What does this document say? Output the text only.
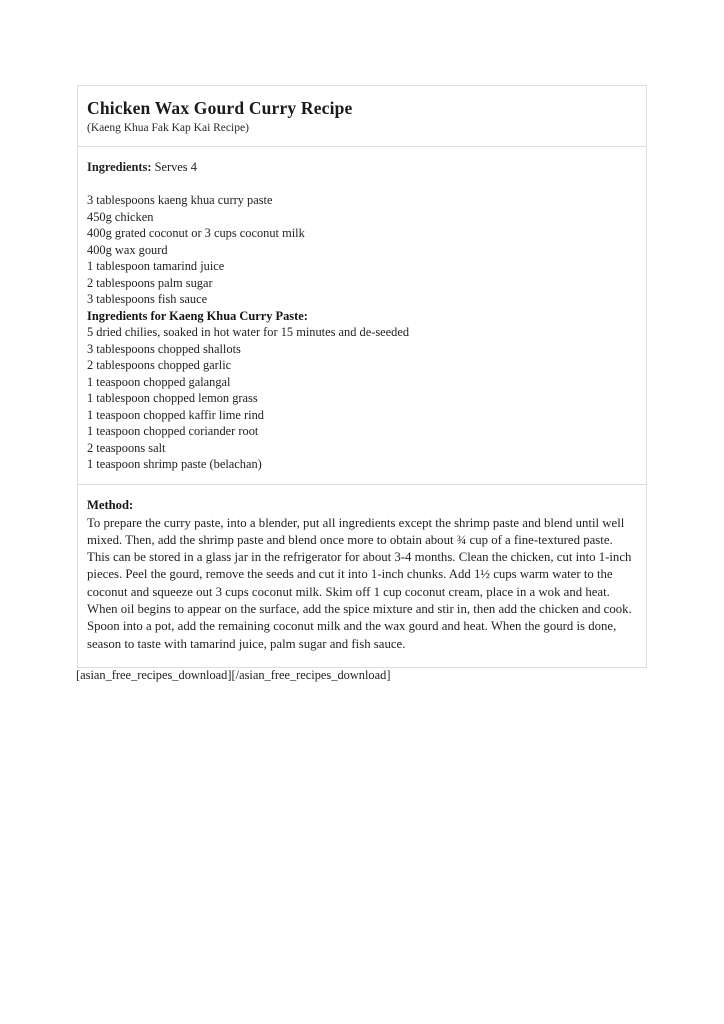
Chicken Wax Gourd Curry Recipe
(Kaeng Khua Fak Kap Kai Recipe)

Ingredients: Serves 4

3 tablespoons kaeng khua curry paste
450g chicken
400g grated coconut or 3 cups coconut milk
400g wax gourd
1 tablespoon tamarind juice
2 tablespoons palm sugar
3 tablespoons fish sauce
Ingredients for Kaeng Khua Curry Paste:
5 dried chilies, soaked in hot water for 15 minutes and de-seeded
3 tablespoons chopped shallots
2 tablespoons chopped garlic
1 teaspoon chopped galangal
1 tablespoon chopped lemon grass
1 teaspoon chopped kaffir lime rind
1 teaspoon chopped coriander root
2 teaspoons salt
1 teaspoon shrimp paste (belachan)
Method:

To prepare the curry paste, into a blender, put all ingredients except the shrimp paste and blend until well mixed. Then, add the shrimp paste and blend once more to obtain about ¾ cup of a fine-textured paste. This can be stored in a glass jar in the refrigerator for about 3-4 months. Clean the chicken, cut into 1-inch pieces. Peel the gourd, remove the seeds and cut it into 1-inch chunks. Add 1½ cups warm water to the coconut and squeeze out 3 cups coconut milk. Skim off 1 cup coconut cream, place in a wok and heat. When oil begins to appear on the surface, add the spice mixture and stir in, then add the chicken and cook. Spoon into a pot, add the remaining coconut milk and the wax gourd and heat. When the gourd is done, season to taste with tamarind juice, palm sugar and fish sauce.

[asian_free_recipes_download][/asian_free_recipes_download]
